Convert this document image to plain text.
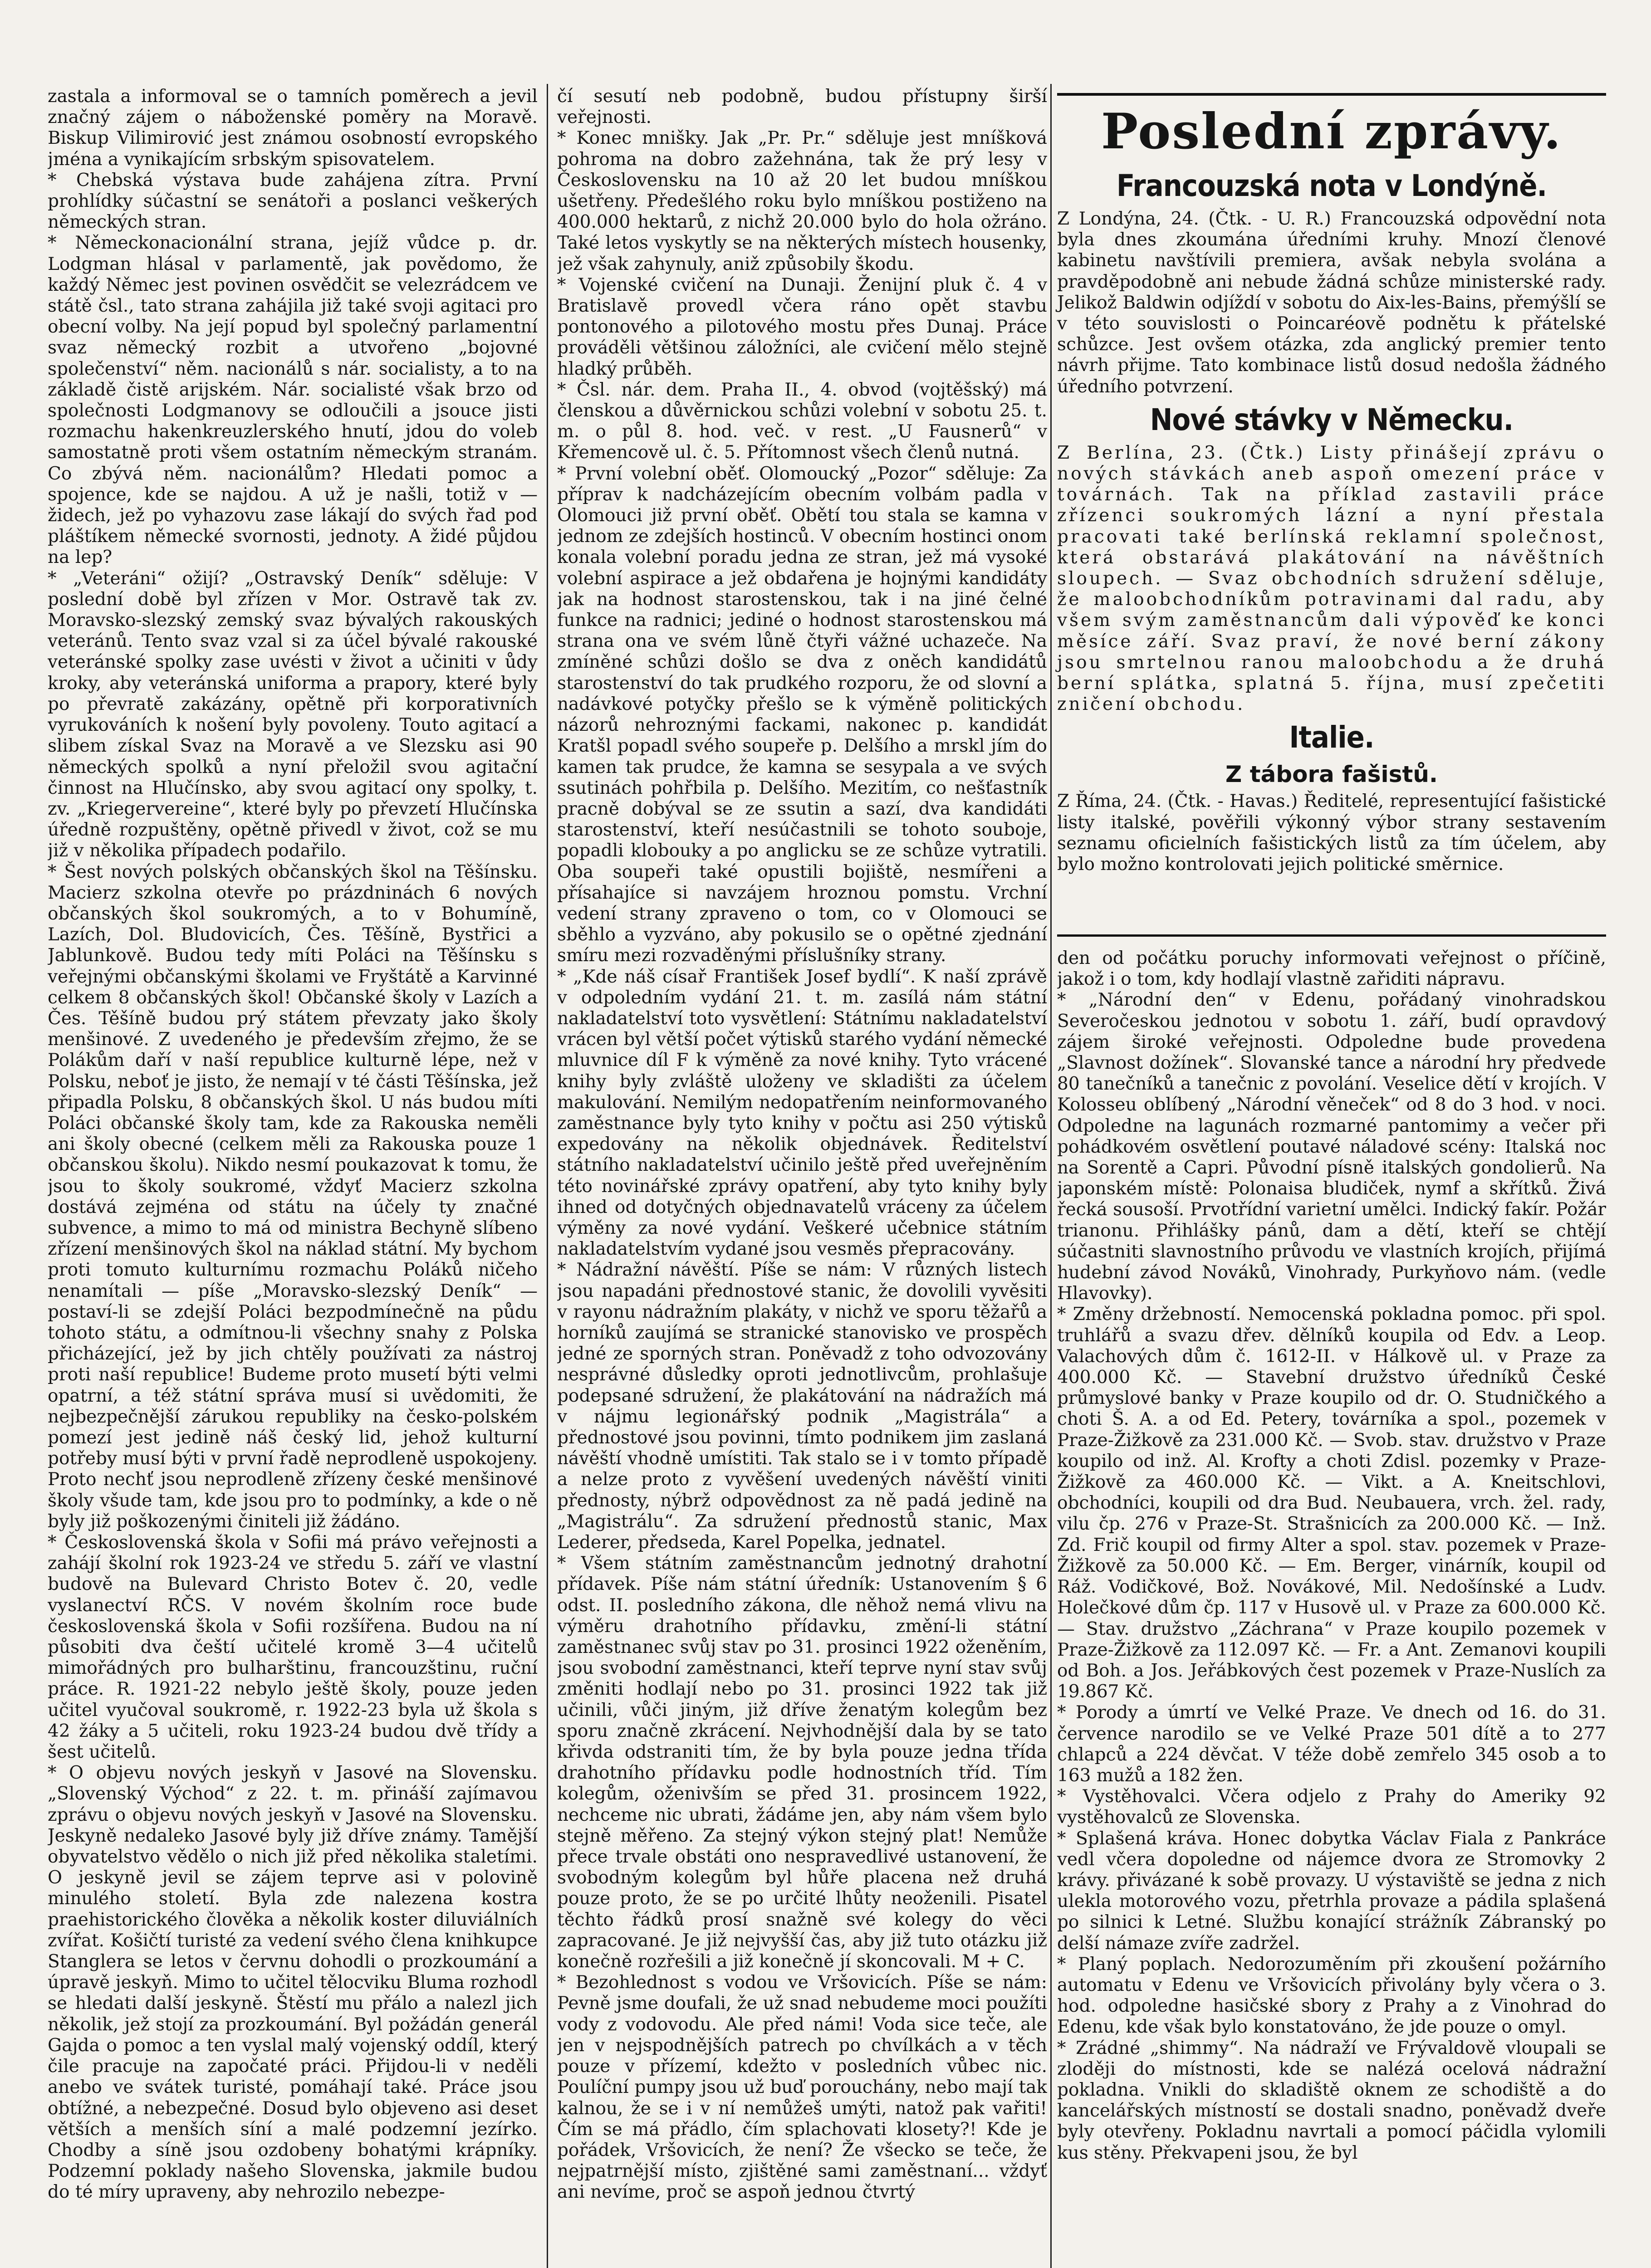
zastala a informoval se o tamních poměrech a jevil značný zájem o náboženské poměry na Moravě. Biskup Vilimirović jest známou osobností evropského jména a vynikajícím srbským spisovatelem.

* Chebská výstava bude zahájena zítra. První prohlídky súčastní se senátoři a poslanci veškerých německých stran.

* Německonacionální strana, jejíž vůdce p. dr. Lodgman hlásal v parlamentě, jak povědomo, že každý Němec jest povinen osvědčit se velezrádcem ve státě čsl., tato strana zahájila již také svoji agitaci pro obecní volby. Na její popud byl společný parlamentní svaz německý rozbit a utvořeno „bojovné společenství“ něm. nacionálů s nár. socialisty, a to na základě čistě arijském. Nár. socialisté však brzo od společnosti Lodgmanovy se odloučili a jsouce jisti rozmachu hakenkreuzlerského hnutí, jdou do voleb samostatně proti všem ostatním německým stranám. Co zbývá něm. nacionálům? Hledati pomoc a spojence, kde se najdou. A už je našli, totiž v — židech, jež po vyhazovu zase lákají do svých řad pod pláštíkem německé svornosti, jednoty. A židé půjdou na lep?

* „Veteráni“ ožijí? „Ostravský Deník“ sděluje: V poslední době byl zřízen v Mor. Ostravě tak zv. Moravsko-slezský zemský svaz bývalých rakouských veteránů. Tento svaz vzal si za účel bývalé rakouské veteránské spolky zase uvésti v život a učiniti v ůdy kroky, aby veteránská uniforma a prapory, které byly po převratě zakázány, opětně při korporativních vyrukováních k nošení byly povoleny. Touto agitací a slibem získal Svaz na Moravě a ve Slezsku asi 90 německých spolků a nyní přeložil svou agitační činnost na Hlučínsko, aby svou agitací ony spolky, t. zv. „Kriegervereine“, které byly po převzetí Hlučínska úředně rozpuštěny, opětně přivedl v život, což se mu již v několika případech podařilo.

* Šest nových polských občanských škol na Těšínsku. Macierz szkolna otevře po prázdninách 6 nových občanských škol soukromých, a to v Bohumíně, Lazích, Dol. Bludovicích, Čes. Těšíně, Bystřici a Jablunkově. Budou tedy míti Poláci na Těšínsku s veřejnými občanskými školami ve Fryštátě a Karvinné celkem 8 občanských škol! Občanské školy v Lazích a Čes. Těšíně budou prý státem převzaty jako školy menšinové. Z uvedeného je především zřejmo, že se Polákům daří v naší republice kulturně lépe, než v Polsku, neboť je jisto, že nemají v té části Těšínska, jež připadla Polsku, 8 občanských škol. U nás budou míti Poláci občanské školy tam, kde za Rakouska neměli ani školy obecné (celkem měli za Rakouska pouze 1 občanskou školu). Nikdo nesmí poukazovat k tomu, že jsou to školy soukromé, vždyť Macierz szkolna dostává zejména od státu na účely ty značné subvence, a mimo to má od ministra Bechyně slíbeno zřízení menšinových škol na náklad státní. My bychom proti tomuto kulturnímu rozmachu Poláků ničeho nenamítali — píše „Moravsko-slezský Deník“ — postaví-li se zdejší Poláci bezpodmínečně na půdu tohoto státu, a odmítnou-li všechny snahy z Polska přicházející, jež by jich chtěly používati za nástroj proti naší republice! Budeme proto musetí býti velmi opatrní, a též státní správa musí si uvědomiti, že nejbezpečnější zárukou republiky na česko-polském pomezí jest jedině náš český lid, jehož kulturní potřeby musí býti v první řadě neprodleně uspokojeny. Proto nechť jsou neprodleně zřízeny české menšinové školy všude tam, kde jsou pro to podmínky, a kde o ně byly již poškozenými činiteli již žádáno.

* Československá škola v Sofii má právo veřejnosti a zahájí školní rok 1923-24 ve středu 5. září ve vlastní budově na Bulevard Christo Botev č. 20, vedle vyslanectví RČS. V novém školním roce bude československá škola v Sofii rozšířena. Budou na ní působiti dva čeští učitelé kromě 3—4 učitelů mimořádných pro bulharštinu, francouzštinu, ruční práce. R. 1921-22 nebylo ještě školy, pouze jeden učitel vyučoval soukromě, r. 1922-23 byla už škola s 42 žáky a 5 učiteli, roku 1923-24 budou dvě třídy a šest učitelů.

* O objevu nových jeskyň v Jasové na Slovensku. „Slovenský Východ“ z 22. t. m. přináší zajímavou zprávu o objevu nových jeskyň v Jasové na Slovensku. Jeskyně nedaleko Jasové byly již dříve známy. Tamější obyvatelstvo vědělo o nich již před několika staletími. O jeskyně jevil se zájem teprve asi v polovině minulého století. Byla zde nalezena kostra praehistorického člověka a několik koster diluviálních zvířat. Košičtí turisté za vedení svého člena knihkupce Stanglera se letos v červnu dohodli o prozkoumání a úpravě jeskyň. Mimo to učitel tělocviku Bluma rozhodl se hledati další jeskyně. Štěstí mu přálo a nalezl jich několik, jež stojí za prozkoumání. Byl požádán generál Gajda o pomoc a ten vyslal malý vojenský oddíl, který čile pracuje na započaté práci. Přijdou-li v neděli anebo ve svátek turisté, pomáhají také. Práce jsou obtížné, a nebezpečné. Dosud bylo objeveno asi deset větších a menších síní a malé podzemní jezírko. Chodby a síně jsou ozdobeny bohatými krápníky. Podzemní poklady našeho Slovenska, jakmile budou do té míry upraveny, aby nehrozilo nebezpe-

čí sesutí neb podobně, budou přístupny širší veřejnosti.

* Konec mnišky. Jak „Pr. Pr.“ sděluje jest mníšková pohroma na dobro zažehnána, tak že prý lesy v Československu na 10 až 20 let budou mníškou ušetřeny. Předešlého roku bylo mníškou postiženo na 400.000 hektarů, z nichž 20.000 bylo do hola ožráno. Také letos vyskytly se na některých místech housenky, jež však zahynuly, aniž způsobily škodu.

* Vojenské cvičení na Dunaji. Ženijní pluk č. 4 v Bratislavě provedl včera ráno opět stavbu pontonového a pilotového mostu přes Dunaj. Práce prováděli většinou záložníci, ale cvičení mělo stejně hladký průběh.

* Čsl. nár. dem. Praha II., 4. obvod (vojtěšský) má členskou a důvěrnickou schůzi volební v sobotu 25. t. m. o půl 8. hod. več. v rest. „U Fausnerů“ v Křemencově ul. č. 5. Přítomnost všech členů nutná.

* První volební oběť. Olomoucký „Pozor“ sděluje: Za příprav k nadcházejícím obecním volbám padla v Olomouci již první oběť. Obětí tou stala se kamna v jednom ze zdejších hostinců. V obecním hostinci onom konala volební poradu jedna ze stran, jež má vysoké volební aspirace a jež obdařena je hojnými kandidáty jak na hodnost starostenskou, tak i na jiné čelné funkce na radnici; jediné o hodnost starostenskou má strana ona ve svém lůně čtyři vážné uchazeče. Na zmíněné schůzi došlo se dva z oněch kandidátů starostenství do tak prudkého rozporu, že od slovní a nadávkové potyčky přešlo se k výměně politických názorů nehroznými fackami, nakonec p. kandidát Kratšl popadl svého soupeře p. Delšího a mrskl jím do kamen tak prudce, že kamna se sesypala a ve svých ssutinách pohřbila p. Delšího. Mezitím, co nešťastník pracně dobýval se ze ssutin a sazí, dva kandidáti starostenství, kteří nesúčastnili se tohoto souboje, popadli klobouky a po anglicku se ze schůze vytratili. Oba soupeři také opustili bojiště, nesmířeni a přísahajíce si navzájem hroznou pomstu. Vrchní vedení strany zpraveno o tom, co v Olomouci se sběhlo a vyzváno, aby pokusilo se o opětné zjednání smíru mezi rozvaděnými příslušníky strany.

* „Kde náš císař František Josef bydlí“. K naší zprávě v odpoledním vydání 21. t. m. zasílá nám státní nakladatelství toto vysvětlení: Státnímu nakladatelství vrácen byl větší počet výtisků starého vydání německé mluvnice díl F k výměně za nové knihy. Tyto vrácené knihy byly zvláště uloženy ve skladišti za účelem makulování. Nemilým nedopatřením neinformovaného zaměstnance byly tyto knihy v počtu asi 250 výtisků expedovány na několik objednávek. Ředitelství státního nakladatelství učinilo ještě před uveřejněním této novinářské zprávy opatření, aby tyto knihy byly ihned od dotyčných objednavatelů vráceny za účelem výměny za nové vydání. Veškeré učebnice státním nakladatelstvím vydané jsou vesměs přepracovány.

* Nádražní návěští. Píše se nám: V různých listech jsou napadáni přednostové stanic, že dovolili vyvěsiti v rayonu nádražním plakáty, v nichž ve sporu těžařů a horníků zaujímá se stranické stanovisko ve prospěch jedné ze sporných stran. Poněvadž z toho odvozovány nesprávné důsledky oproti jednotlivcům, prohlašuje podepsané sdružení, že plakátování na nádražích má v nájmu legionářský podnik „Magistrála“ a přednostové jsou povinni, tímto podnikem jim zaslaná návěští vhodně umístiti. Tak stalo se i v tomto případě a nelze proto z vyvěšení uvedených návěští viniti přednosty, nýbrž odpovědnost za ně padá jedině na „Magistrálu“. Za sdružení přednostů stanic, Max Lederer, předseda, Karel Popelka, jednatel.

* Všem státním zaměstnancům jednotný drahotní přídavek. Píše nám státní úředník: Ustanovením § 6 odst. II. posledního zákona, dle něhož nemá vlivu na výměru drahotního přídavku, změní-li státní zaměstnanec svůj stav po 31. prosinci 1922 oženěním, jsou svobodní zaměstnanci, kteří teprve nyní stav svůj změniti hodlají nebo po 31. prosinci 1922 tak již učinili, vůči jiným, již dříve ženatým kolegům bez sporu značně zkrácení. Nejvhodnější dala by se tato křivda odstraniti tím, že by byla pouze jedna třída drahotního přídavku podle hodnostních tříd. Tím kolegům, oženivším se před 31. prosincem 1922, nechceme nic ubrati, žádáme jen, aby nám všem bylo stejně měřeno. Za stejný výkon stejný plat! Nemůže přece trvale obstáti ono nespravedlivé ustanovení, že svobodným kolegům byl hůře placena než druhá pouze proto, že se po určité lhůty neoženili. Pisatel těchto řádků prosí snažně své kolegy do věci zapracované. Je již nejvyšší čas, aby již tuto otázku již konečně rozřešili a již konečně jí skoncovali. M + C.

* Bezohlednost s vodou ve Vršovicích. Píše se nám: Pevně jsme doufali, že už snad nebudeme moci použíti vody z vodovodu. Ale před námi! Voda sice teče, ale jen v nejspodnějších patrech po chvílkách a v těch pouze v přízemí, kdežto v posledních vůbec nic. Poulíční pumpy jsou už buď porouchány, nebo mají tak kalnou, že se i v ní nemůžeš umýti, natož pak vařiti! Čím se má přádlo, čím splachovati klosety?! Kde je pořádek, Vršovicích, že není? Že všecko se teče, že nejpatrnější místo, zjištěné sami zaměstnaní... vždyť ani nevíme, proč se aspoň jednou čtvrtý

Poslední zprávy.
Francouzská nota v Londýně.

Z Londýna, 24. (Čtk. - U. R.) Francouzská odpovědní nota byla dnes zkoumána úředními kruhy. Mnozí členové kabinetu navštívili premiera, avšak nebyla svolána a pravděpodobně ani nebude žádná schůze ministerské rady. Jelikož Baldwin odjíždí v sobotu do Aix-les-Bains, přemýšlí se v této souvislosti o Poincaréově podnětu k přátelské schůzce. Jest ovšem otázka, zda anglický premier tento návrh přijme. Tato kombinace listů dosud nedošla žádného úředního potvrzení.

Nové stávky v Německu.

Z Berlína, 23. (Čtk.) Listy přinášejí zprávu o nových stávkách aneb aspoň omezení práce v továrnách. Tak na příklad zastavili práce zřízenci soukromých lázní a nyní přestala pracovati také berlínská reklamní společnost, která obstarává plakátování na návěštních sloupech. — Svaz obchodních sdružení sděluje, že maloobchodníkům potravinami dal radu, aby všem svým zaměstnancům dali výpověď ke konci měsíce září. Svaz praví, že nové berní zákony jsou smrtelnou ranou maloobchodu a že druhá berní splátka, splatná 5. října, musí zpečetiti zničení obchodu.

Italie.
Z tábora fašistů.

Z Říma, 24. (Čtk. - Havas.) Ředitelé, representující fašistické listy italské, pověřili výkonný výbor strany sestavením seznamu oficielních fašistických listů za tím účelem, aby bylo možno kontrolovati jejich politické směrnice.

den od počátku poruchy informovati veřejnost o příčině, jakož i o tom, kdy hodlají vlastně zařiditi nápravu.

* „Národní den“ v Edenu, pořádaný vinohradskou Severočeskou jednotou v sobotu 1. září, budí opravdový zájem široké veřejnosti. Odpoledne bude provedena „Slavnost dožínek“. Slovanské tance a národní hry předvede 80 tanečníků a tanečnic z povolání. Veselice dětí v krojích. V Kolosseu oblíbený „Národní věneček“ od 8 do 3 hod. v noci. Odpoledne na lagunách rozmarné pantomimy a večer při pohádkovém osvětlení poutavé náladové scény: Italská noc na Sorentě a Capri. Původní písně italských gondolierů. Na japonském místě: Polonaisa bludiček, nymf a skřítků. Živá řecká sousoší. Prvotřídní varietní umělci. Indický fakír. Požár trianonu. Přihlášky pánů, dam a dětí, kteří se chtějí súčastniti slavnostního průvodu ve vlastních krojích, přijímá hudební závod Nováků, Vinohrady, Purkyňovo nám. (vedle Hlavovky).

* Změny držebností. Nemocenská pokladna pomoc. při spol. truhlářů a svazu dřev. dělníků koupila od Edv. a Leop. Valachových dům č. 1612-II. v Hálkově ul. v Praze za 400.000 Kč. — Stavební družstvo úředníků České průmyslové banky v Praze koupilo od dr. O. Studničkého a choti Š. A. a od Ed. Petery, továrníka a spol., pozemek v Praze-Žižkově za 231.000 Kč. — Svob. stav. družstvo v Praze koupilo od inž. Al. Krofty a choti Zdisl. pozemky v Praze-Žižkově za 460.000 Kč. — Vikt. a A. Kneitschlovi, obchodníci, koupili od dra Bud. Neubauera, vrch. žel. rady, vilu čp. 276 v Praze-St. Strašnicích za 200.000 Kč. — Inž. Zd. Frič koupil od firmy Alter a spol. stav. pozemek v Praze-Žižkově za 50.000 Kč. — Em. Berger, vinárník, koupil od Ráž. Vodičkové, Bož. Novákové, Mil. Nedošínské a Ludv. Holečkové dům čp. 117 v Husově ul. v Praze za 600.000 Kč. — Stav. družstvo „Záchrana“ v Praze koupilo pozemek v Praze-Žižkově za 112.097 Kč. — Fr. a Ant. Zemanovi koupili od Boh. a Jos. Jeřábkových čest pozemek v Praze-Nuslích za 19.867 Kč.

* Porody a úmrtí ve Velké Praze. Ve dnech od 16. do 31. července narodilo se ve Velké Praze 501 dítě a to 277 chlapců a 224 děvčat. V téže době zemřelo 345 osob a to 163 mužů a 182 žen.

* Vystěhovalci. Včera odjelo z Prahy do Ameriky 92 vystěhovalců ze Slovenska.

* Splašená kráva. Honec dobytka Václav Fiala z Pankráce vedl včera dopoledne od nájemce dvora ze Stromovky 2 krávy. přivázané k sobě provazy. U výstaviště se jedna z nich ulekla motorového vozu, přetrhla provaze a pádila splašená po silnici k Letné. Službu konající strážník Zábranský po delší námaze zvíře zadržel.

* Planý poplach. Nedorozuměním při zkoušení požárního automatu v Edenu ve Vršovicích přivolány byly včera o 3. hod. odpoledne hasičské sbory z Prahy a z Vinohrad do Edenu, kde však bylo konstatováno, že jde pouze o omyl.

* Zrádné „shimmy“. Na nádraží ve Frývaldově vloupali se zloději do místnosti, kde se nalézá ocelová nádražní pokladna. Vnikli do skladiště oknem ze schodiště a do kancelářských místností se dostali snadno, poněvadž dveře byly otevřeny. Pokladnu navrtali a pomocí páčidla vylomili kus stěny. Překvapeni jsou, že byl
